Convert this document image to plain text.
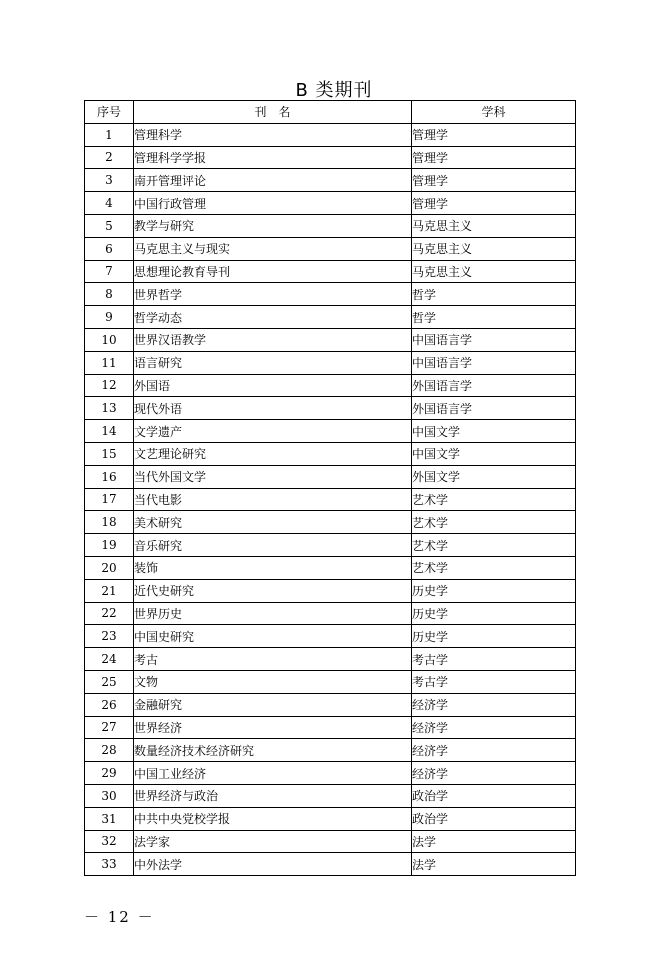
B 类期刊
序号	刊　名	学科
1	管理科学	管理学
2	管理科学学报	管理学
3	南开管理评论	管理学
4	中国行政管理	管理学
5	教学与研究	马克思主义
6	马克思主义与现实	马克思主义
7	思想理论教育导刊	马克思主义
8	世界哲学	哲学
9	哲学动态	哲学
10	世界汉语教学	中国语言学
11	语言研究	中国语言学
12	外国语	外国语言学
13	现代外语	外国语言学
14	文学遗产	中国文学
15	文艺理论研究	中国文学
16	当代外国文学	外国文学
17	当代电影	艺术学
18	美术研究	艺术学
19	音乐研究	艺术学
20	装饰	艺术学
21	近代史研究	历史学
22	世界历史	历史学
23	中国史研究	历史学
24	考古	考古学
25	文物	考古学
26	金融研究	经济学
27	世界经济	经济学
28	数量经济技术经济研究	经济学
29	中国工业经济	经济学
30	世界经济与政治	政治学
31	中共中央党校学报	政治学
32	法学家	法学
33	中外法学	法学
－ 12 －
